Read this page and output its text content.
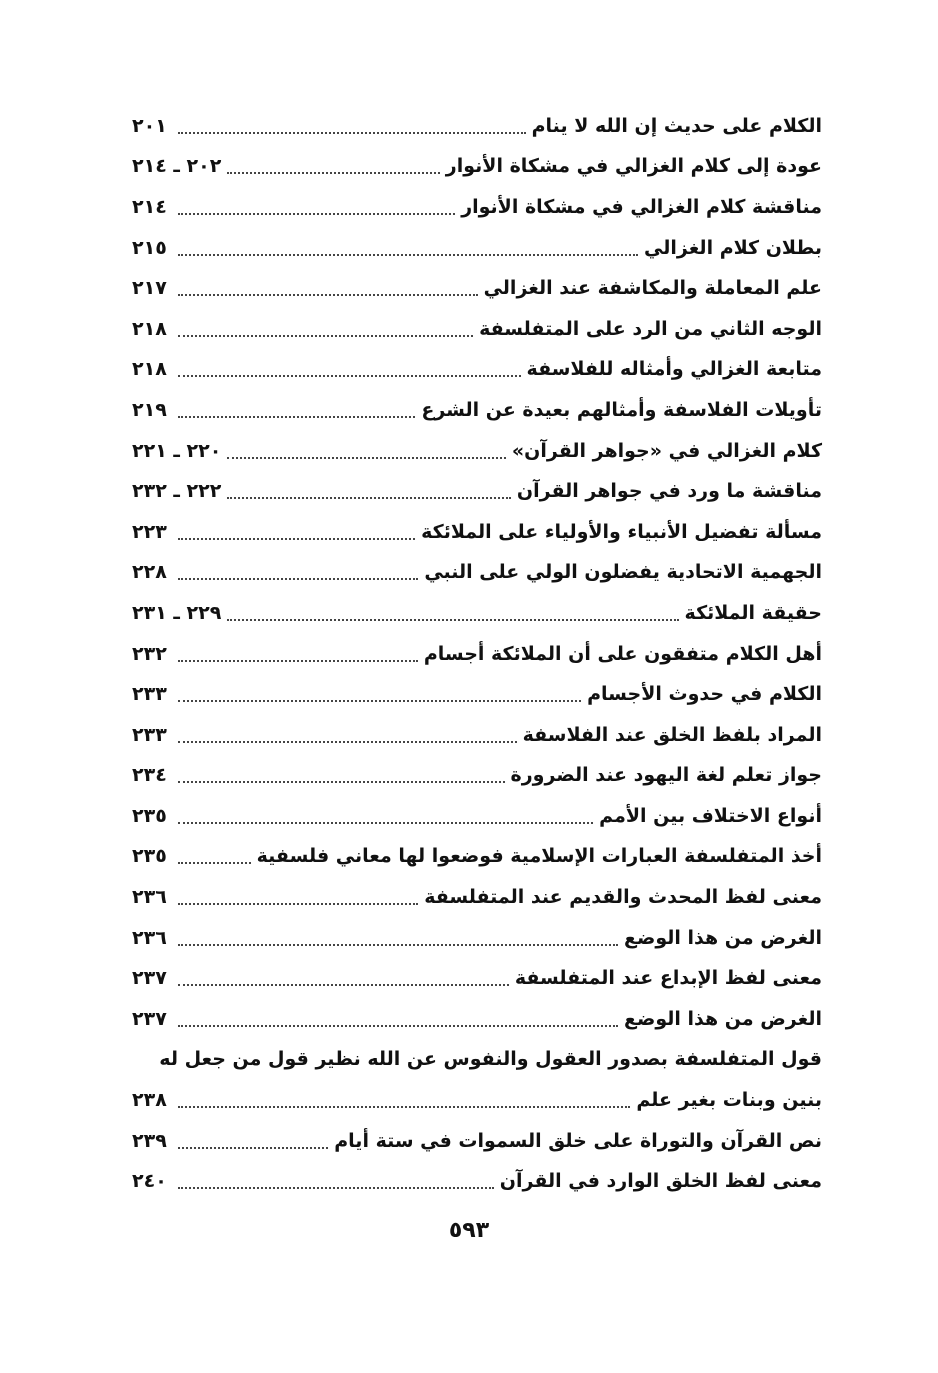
الكلام على حديث إن الله لا ينام
٢٠١
عودة إلى كلام الغزالي في مشكاة الأنوار
٢٠٢ ـ ٢١٤
مناقشة كلام الغزالي في مشكاة الأنوار
٢١٤
بطلان كلام الغزالي
٢١٥
علم المعاملة والمكاشفة عند الغزالي
٢١٧
الوجه الثاني من الرد على المتفلسفة
٢١٨
متابعة الغزالي وأمثاله للفلاسفة
٢١٨
تأويلات الفلاسفة وأمثالهم بعيدة عن الشرع
٢١٩
كلام الغزالي في «جواهر القرآن»
٢٢٠ ـ ٢٢١
مناقشة ما ورد في جواهر القرآن
٢٢٢ ـ ٢٣٢
مسألة تفضيل الأنبياء والأولياء على الملائكة
٢٢٣
الجهمية الاتحادية يفضلون الولي على النبي
٢٢٨
حقيقة الملائكة
٢٢٩ ـ ٢٣١
أهل الكلام متفقون على أن الملائكة أجسام
٢٣٢
الكلام في حدوث الأجسام
٢٣٣
المراد بلفظ الخلق عند الفلاسفة
٢٣٣
جواز تعلم لغة اليهود عند الضرورة
٢٣٤
أنواع الاختلاف بين الأمم
٢٣٥
أخذ المتفلسفة العبارات الإسلامية فوضعوا لها معاني فلسفية
٢٣٥
معنى لفظ المحدث والقديم عند المتفلسفة
٢٣٦
الغرض من هذا الوضع
٢٣٦
معنى لفظ الإبداع عند المتفلسفة
٢٣٧
الغرض من هذا الوضع
٢٣٧
قول المتفلسفة بصدور العقول والنفوس عن الله نظير قول من جعل له
بنين وبنات بغير علم
٢٣٨
نص القرآن والتوراة على خلق السموات في ستة أيام
٢٣٩
معنى لفظ الخلق الوارد في القرآن
٢٤٠
٥٩٣
